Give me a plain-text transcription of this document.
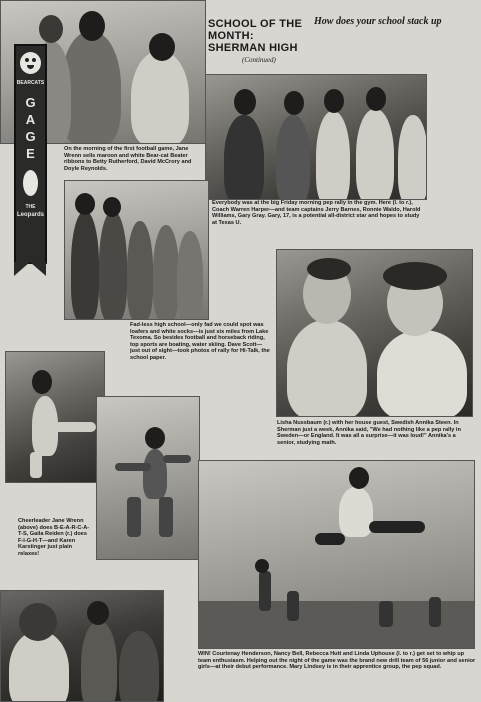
SCHOOL OF THE MONTH: SHERMAN HIGH

(Continued)

How does your school stack up

BEARCATS
G
A
G
E
THE
Leopards

On the morning of the first football game, Jane Wrenn sells maroon and white Bear-cat Beater ribbons to Betty Rutherford, David McCrory and Doyle Reynolds.

Everybody was at the big Friday morning pep rally in the gym. Here (l. to r.), Coach Warren Harper—and team captains Jerry Barnes, Ronnie Waldo, Harold Williams, Gary Gray. Gary, 17, is a potential all-district star and hopes to study at Texas U.

Fad-less high school—only fad we could spot was loafers and white socks—is just six miles from Lake Texoma. So besides football and horseback riding, top sports are boating, water skiing. Dave Scott—just out of sight—took photos of rally for Hi-Talk, the school paper.

Lisha Nussbaum (r.) with her house guest, Swedish Annika Steen. In Sherman just a week, Annika said, "We had nothing like a pep rally in Sweden—or England. It was all a surprise—it was loud!" Annika's a senior, studying math.

Cheerleader Jane Wrenn (above) does B-E-A-R-C-A-T-S, Gaila Reiden (r.) does F-I-G-H-T—and Karen Karstinger just plain relaxes!

WIN! Courtenay Henderson, Nancy Bell, Rebecca Hutt and Linda Uphouse (l. to r.) get set to whip up team enthusiasm. Helping out the night of the game was the brand new drill team of 56 junior and senior girls—at their debut performance. Mary Lindsey is in their apprentice group, the pep squad.
